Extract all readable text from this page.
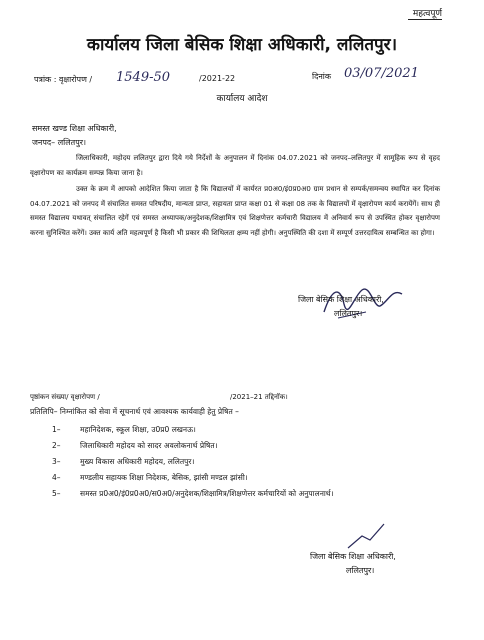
महत्वपूर्ण
कार्यालय जिला बेसिक शिक्षा अधिकारी, ललितपुर।
पत्रांक : वृक्षारोपण / 1549-50	/2021-22	दिनांक 03/07/2021
कार्यालय आदेश
समस्त खण्ड शिक्षा अधिकारी,
जनपद– ललितपुर।
जिलाधिकारी, महोदय ललितपुर द्वारा दिये गये निर्देशों के अनुपालन में दिनांक 04.07.2021 को जनपद–ललितपुर में सामूहिक रूप से वृहद वृक्षारोपण का कार्यक्रम सम्पन्न किया जाना है।
उक्त के क्रम में आपको आदेशित किया जाता है कि विद्यालयों में कार्यरत प्र0अ0/इं0प्र0अ0 ग्राम प्रधान से सम्पर्क/समन्वय स्थापित कर दिनांक 04.07.2021 को जनपद में संचालित समस्त परिषदीय, मान्यता प्राप्त, सहायता प्राप्त कक्षा 01 से कक्षा 08 तक के विद्यालयों में वृक्षारोपण कार्य करायेंगें। साथ ही समस्त विद्यालय यथावत् संचालित रहेगें एवं समस्त अध्यापक/अनुदेशक/शिक्षामित्र एवं शिक्षणेत्तर कर्मचारी विद्यालय में अनिवार्य रूप से उपस्थित होकर वृक्षारोपण करना सुनिश्चित करेंगें। उक्त कार्य अति महत्वपूर्ण है किसी भी प्रकार की शिथिलता क्षम्य नहीं होगी। अनुपस्थिति की दशा में सम्पूर्ण उत्तरदायित्व सम्बन्धित का होगा।
जिला बेसिक शिक्षा अधिकारी,
ललितपुर।
पृष्ठांकन संख्या/ वृक्षारोपण /	/2021–21 तद्दिनॉक।
प्रतिलिपि– निम्नांकित को सेवा में सूचनार्थ एवं आवश्यक कार्यवाही हेतु प्रेषित –
1–	महानिदेशक, स्कूल शिक्षा, उ0प्र0 लखनऊ।
2–	जिलाधिकारी महोदय को सादर अवलोकनार्थ प्रेषित।
3–	मुख्य विकास अधिकारी महोदय, ललितपुर।
4–	मण्डलीय सहायक शिक्षा निदेशक, बेसिक, झांसी मण्डल झांसी।
5–	समस्त प्र0अ0/इं0प्र0अ0/स0अ0/अनुदेशक/शिक्षामित्र/शिक्षणेत्तर कर्मचारियों को अनुपालनार्थ।
जिला बेसिक शिक्षा अधिकारी,
ललितपुर।
